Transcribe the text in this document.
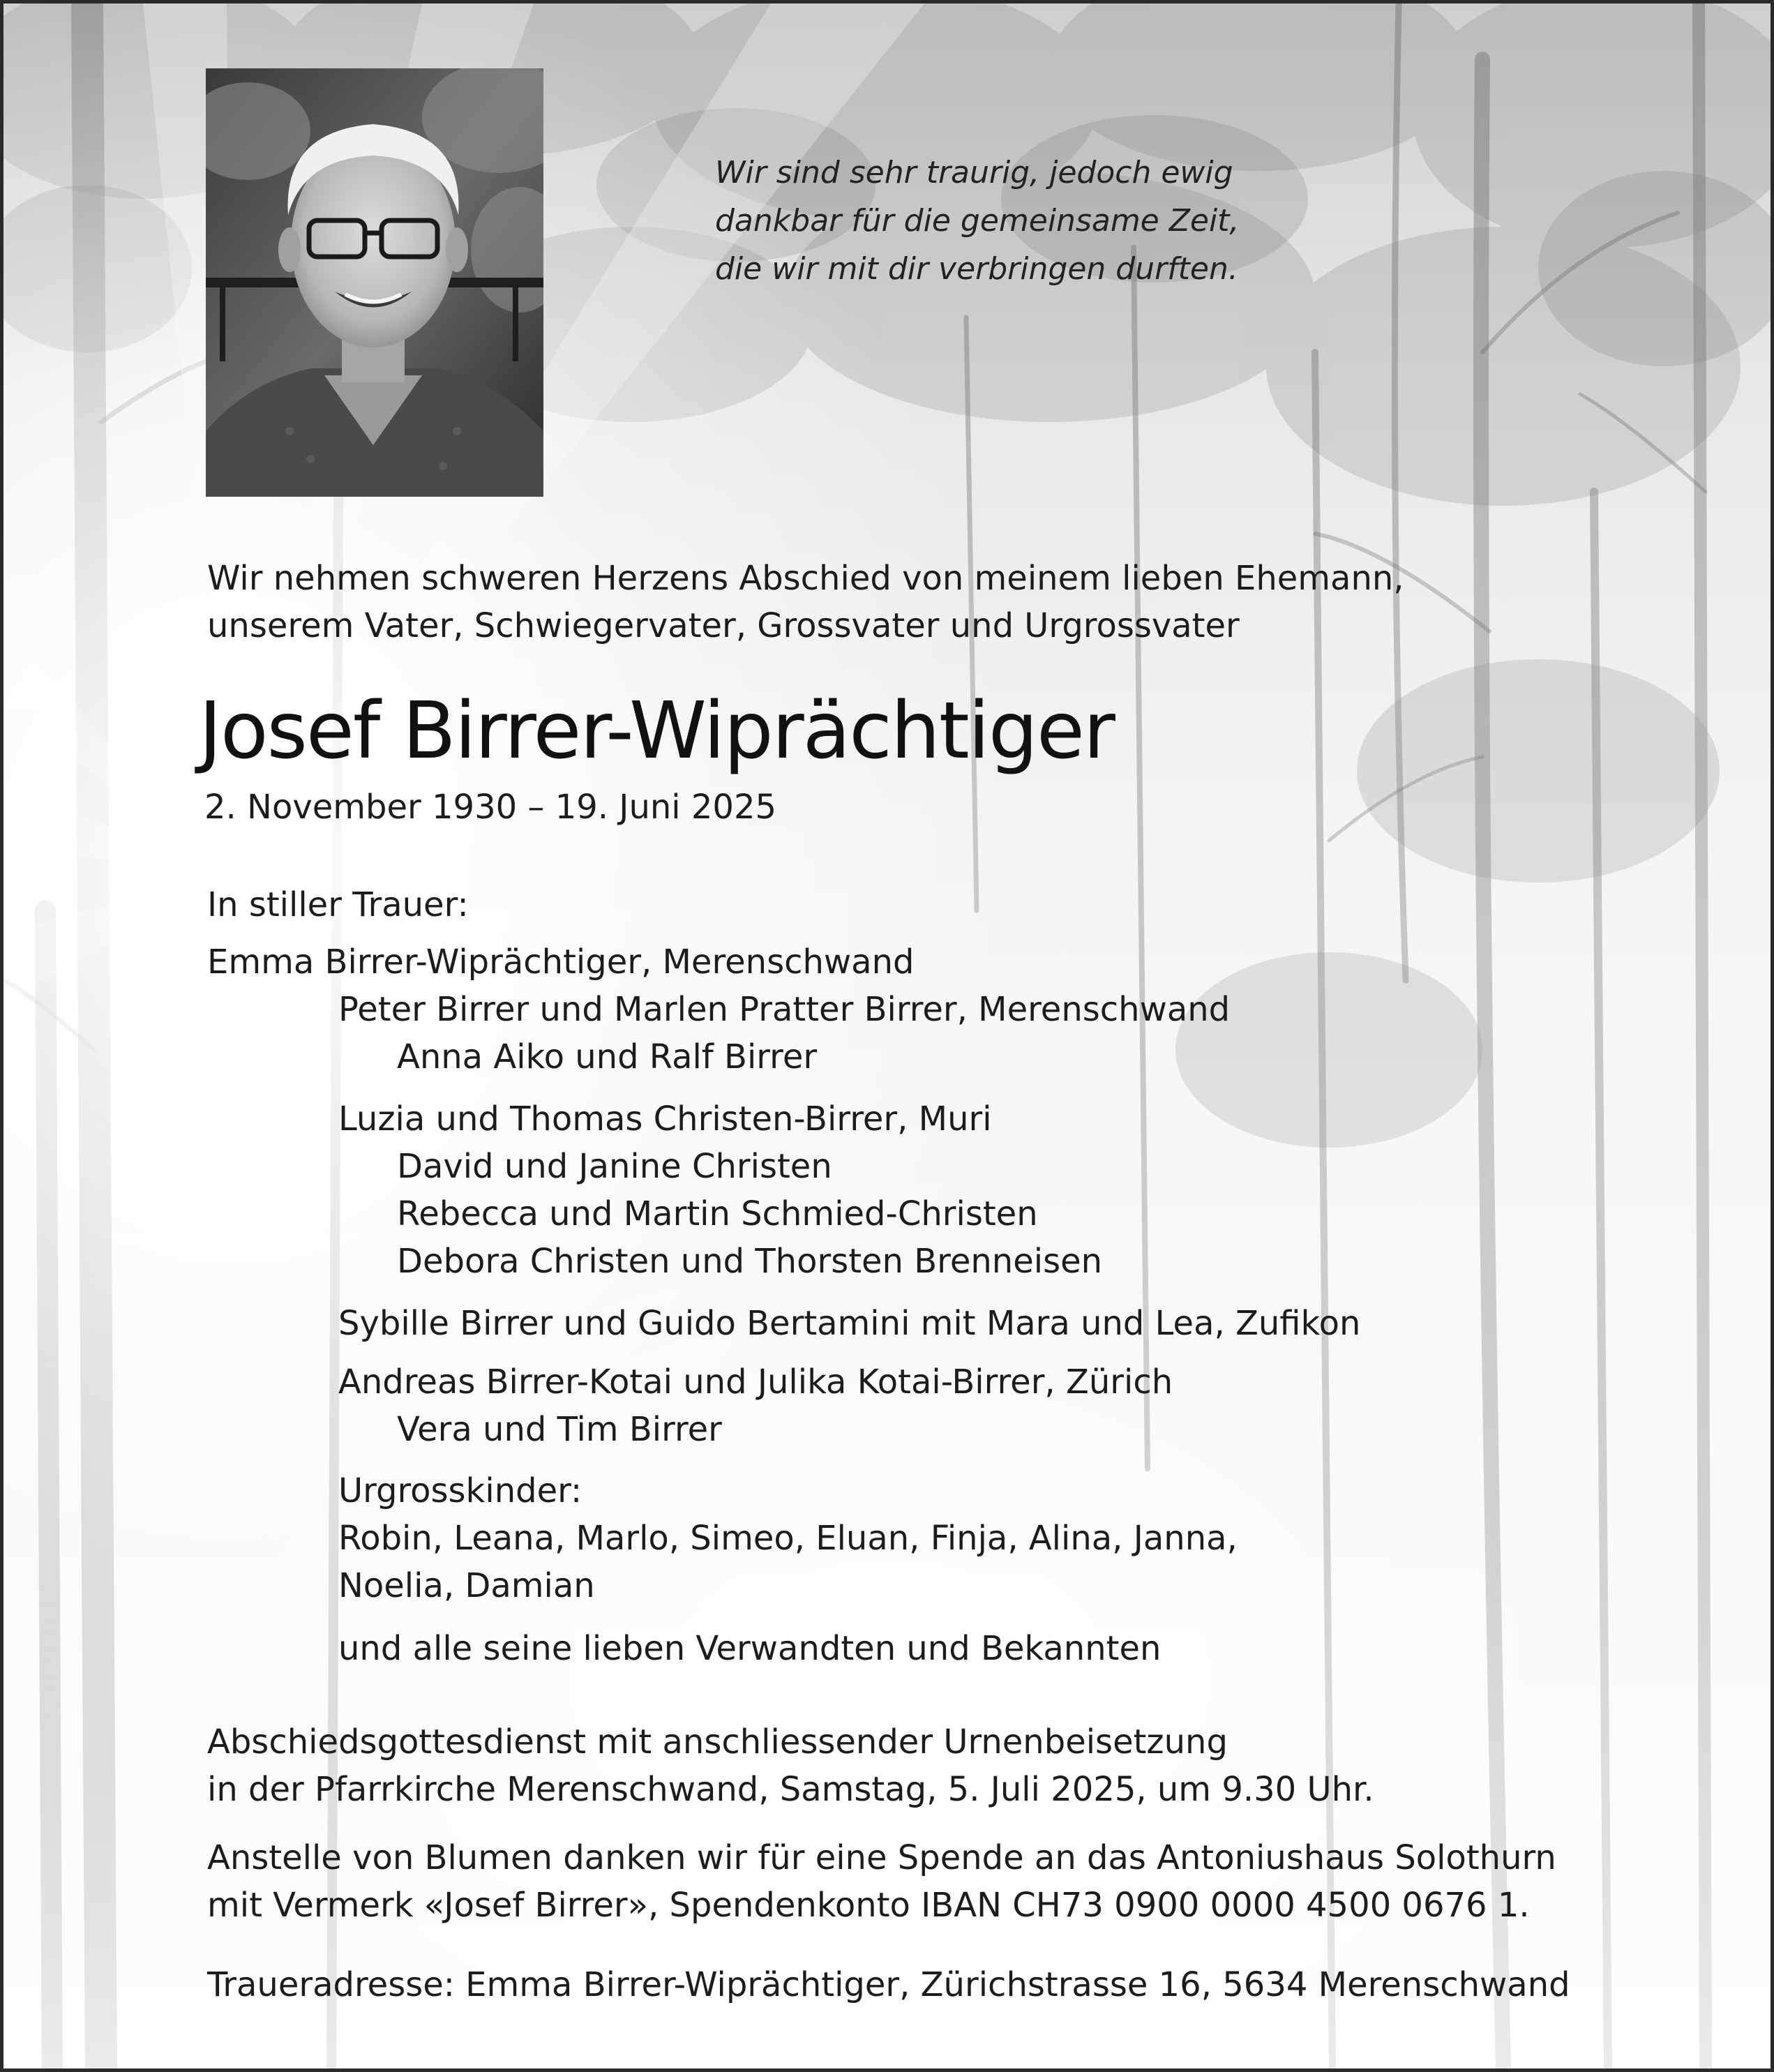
Wir sind sehr traurig, jedoch ewig
dankbar für die gemeinsame Zeit,
die wir mit dir verbringen durften.
Wir nehmen schweren Herzens Abschied von meinem lieben Ehemann,
unserem Vater, Schwiegervater, Grossvater und Urgrossvater
Josef Birrer-Wiprächtiger
2. November 1930 – 19. Juni 2025
In stiller Trauer:
Emma Birrer-Wiprächtiger, Merenschwand
Peter Birrer und Marlen Pratter Birrer, Merenschwand
Anna Aiko und Ralf Birrer
Luzia und Thomas Christen-Birrer, Muri
David und Janine Christen
Rebecca und Martin Schmied-Christen
Debora Christen und Thorsten Brenneisen
Sybille Birrer und Guido Bertamini mit Mara und Lea, Zufikon
Andreas Birrer-Kotai und Julika Kotai-Birrer, Zürich
Vera und Tim Birrer
Urgrosskinder:
Robin, Leana, Marlo, Simeo, Eluan, Finja, Alina, Janna,
Noelia, Damian
und alle seine lieben Verwandten und Bekannten
Abschiedsgottesdienst mit anschliessender Urnenbeisetzung
in der Pfarrkirche Merenschwand, Samstag, 5. Juli 2025, um 9.30 Uhr.
Anstelle von Blumen danken wir für eine Spende an das Antoniushaus Solothurn
mit Vermerk «Josef Birrer», Spendenkonto IBAN CH73 0900 0000 4500 0676 1.
Traueradresse: Emma Birrer-Wiprächtiger, Zürichstrasse 16, 5634 Merenschwand
